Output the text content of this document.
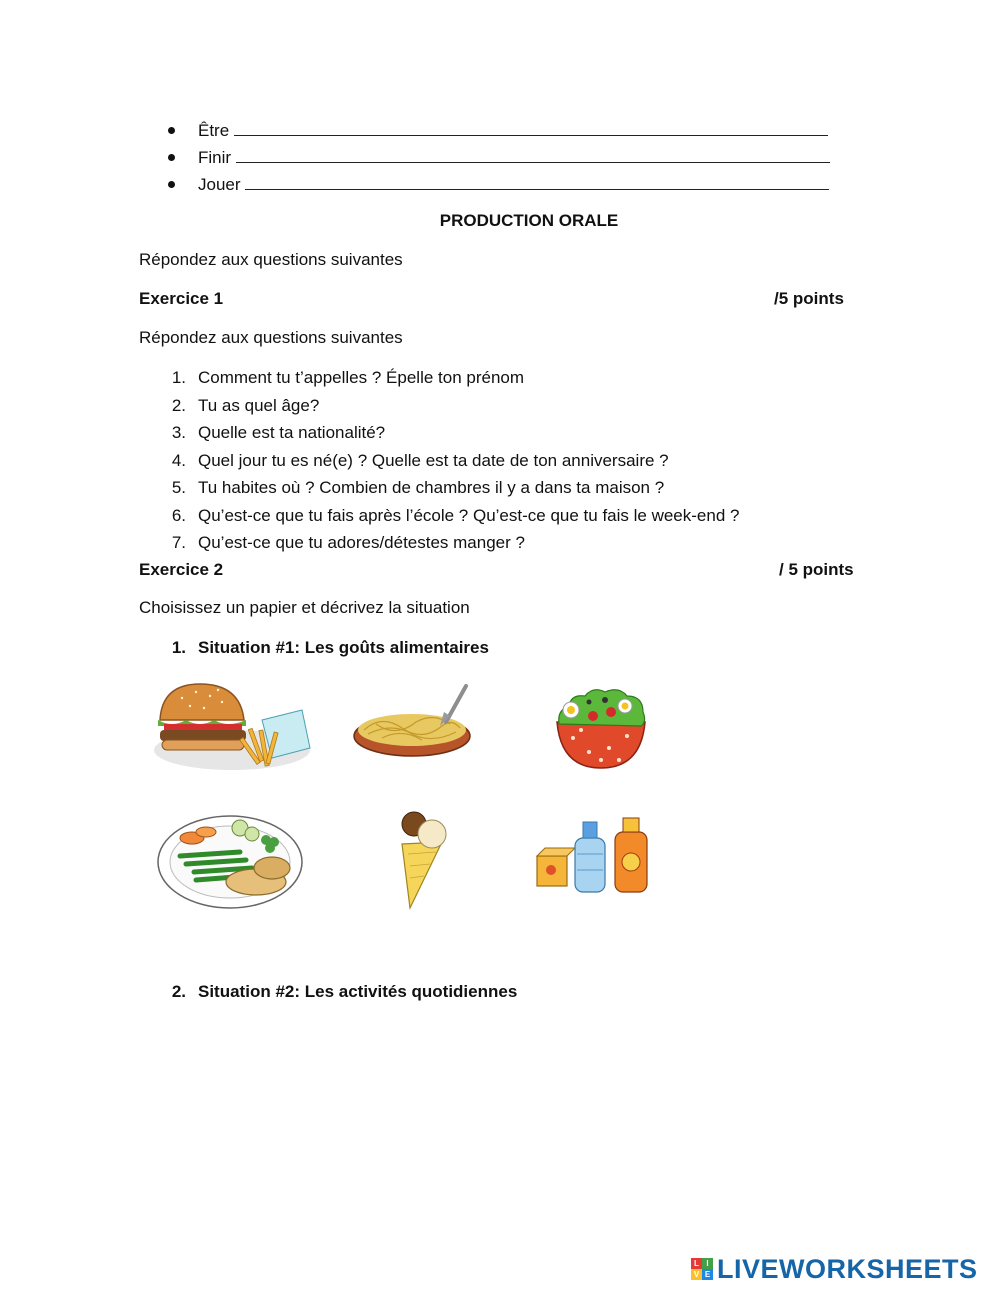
Être
Finir
Jouer
PRODUCTION ORALE
Répondez aux questions suivantes
Exercice 1	/5 points
Répondez aux questions suivantes
1. Comment tu t’appelles ? Épelle ton prénom
2. Tu as quel âge?
3. Quelle est ta nationalité?
4. Quel jour tu es né(e) ? Quelle est ta date de ton anniversaire ?
5. Tu habites où ? Combien de chambres il y a dans ta maison ?
6. Qu’est-ce que tu fais après l’école ? Qu’est-ce que tu fais le week-end ?
7. Qu’est-ce que tu adores/détestes manger ?
Exercice 2	/ 5 points
Choisissez un papier et décrivez la situation
1. Situation #1: Les goûts alimentaires
2. Situation #2: Les activités quotidiennes
L I
V E LIVEWORKSHEETS
